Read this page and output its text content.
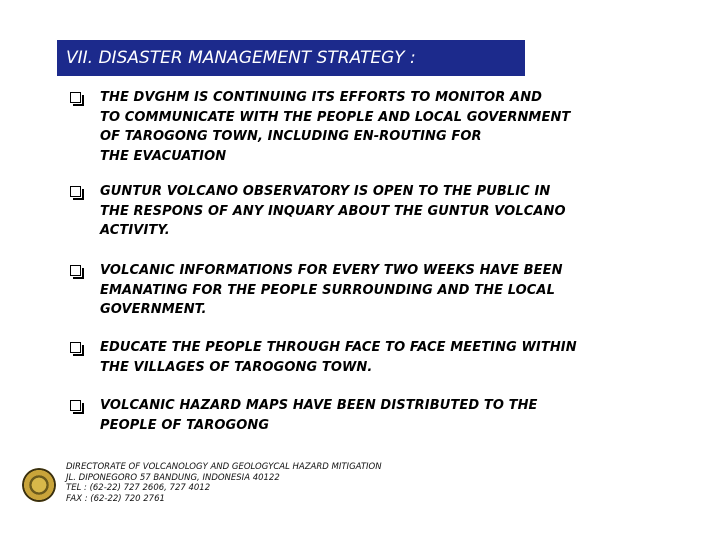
VII. DISASTER MANAGEMENT STRATEGY :
THE DVGHM IS CONTINUING ITS EFFORTS TO MONITOR AND
TO COMMUNICATE WITH THE PEOPLE AND LOCAL GOVERNMENT
OF TAROGONG TOWN, INCLUDING EN-ROUTING FOR
THE EVACUATION
GUNTUR VOLCANO OBSERVATORY IS OPEN TO THE PUBLIC IN
THE RESPONS OF ANY INQUARY ABOUT THE GUNTUR VOLCANO
ACTIVITY.
VOLCANIC INFORMATIONS FOR EVERY TWO WEEKS HAVE BEEN
EMANATING FOR THE PEOPLE SURROUNDING AND THE LOCAL
GOVERNMENT.
EDUCATE THE PEOPLE THROUGH FACE TO FACE MEETING WITHIN
THE VILLAGES OF TAROGONG TOWN.
VOLCANIC HAZARD MAPS HAVE BEEN DISTRIBUTED TO THE
PEOPLE OF TAROGONG
DIRECTORATE OF VOLCANOLOGY AND GEOLOGYCAL HAZARD MITIGATION
JL. DIPONEGORO 57 BANDUNG, INDONESIA 40122
TEL : (62-22) 727 2606, 727 4012
FAX : (62-22) 720 2761
